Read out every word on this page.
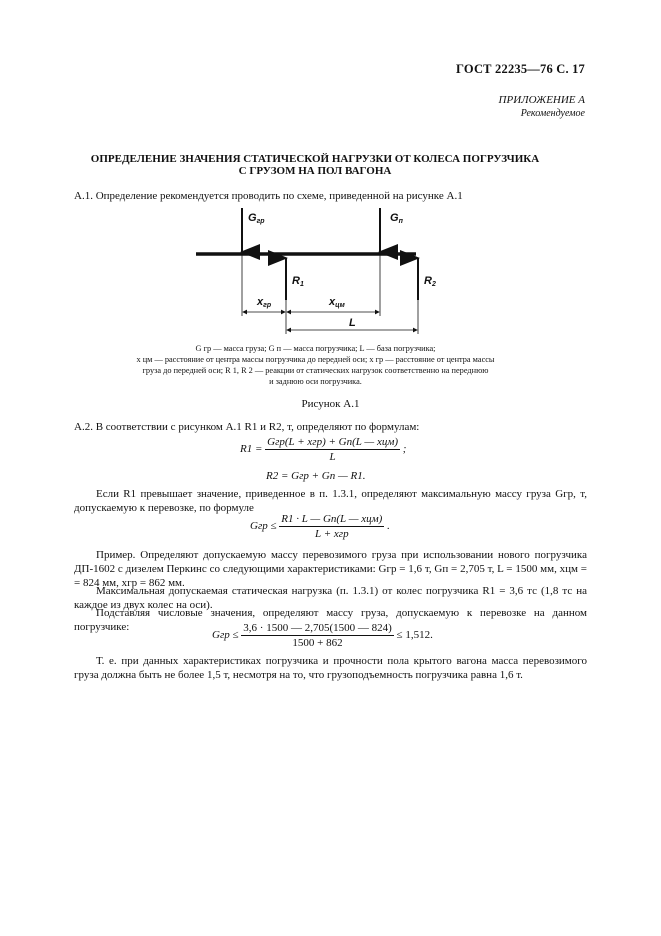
ГОСТ 22235—76 С. 17
ПРИЛОЖЕНИЕ А
Рекомендуемое
ОПРЕДЕЛЕНИЕ ЗНАЧЕНИЯ СТАТИЧЕСКОЙ НАГРУЗКИ ОТ КОЛЕСА ПОГРУЗЧИКА
С ГРУЗОМ НА ПОЛ ВАГОНА
А.1. Определение рекомендуется проводить по схеме, приведенной на рисунке А.1
$G_{гр}$	$G_п$
$R_1$	$R_2$
$x_{гр}$	$x_{цм}$
L
G гр — масса груза; G п — масса погрузчика; L — база погрузчика;
x цм — расстояние от центра массы погрузчика до передней оси; x гр — расстояние от центра массы
груза до передней оси; R 1, R 2 — реакции от статических нагрузок соответственно на переднюю
и заднюю оси погрузчика.
Рисунок А.1
А.2. В соответствии с рисунком А.1 R1 и R2, т, определяют по формулам:
$R1 = \frac{\text{Gгр(L + xгр) + Gп(L — xцм)}}{L}$ ;
R2 = Gгр + Gп — R1.
Если R1 превышает значение, приведенное в п. 1.3.1, определяют максимальную массу груза Gгр, т, допускаемую к перевозке, по формуле
Gгр ≤ $\frac{\text{R1 · L — Gп(L — xцм)}}{\text{L + xгр}}$ .
Пример. Определяют допускаемую массу перевозимого груза при использовании нового погрузчика ДП-1602 с дизелем Перкинс со следующими характеристиками: Gгр = 1,6 т, Gп = 2,705 т, L = 1500 мм, xцм = = 824 мм, xгр = 862 мм.
Максимальная допускаемая статическая нагрузка (п. 1.3.1) от колес погрузчика R1 = 3,6 тс (1,8 тс на каждое из двух колес на оси).
Подставляя числовые значения, определяют массу груза, допускаемую к перевозке на данном погрузчике:
Gгр ≤ $\frac{3,6 \cdot 1500 — 2,705(1500 — 824)}{1500 + 862} \le 1,512$.
Т. е. при данных характеристиках погрузчика и прочности пола крытого вагона масса перевозимого груза должна быть не более 1,5 т, несмотря на то, что грузоподъемность погрузчика равна 1,6 т.
